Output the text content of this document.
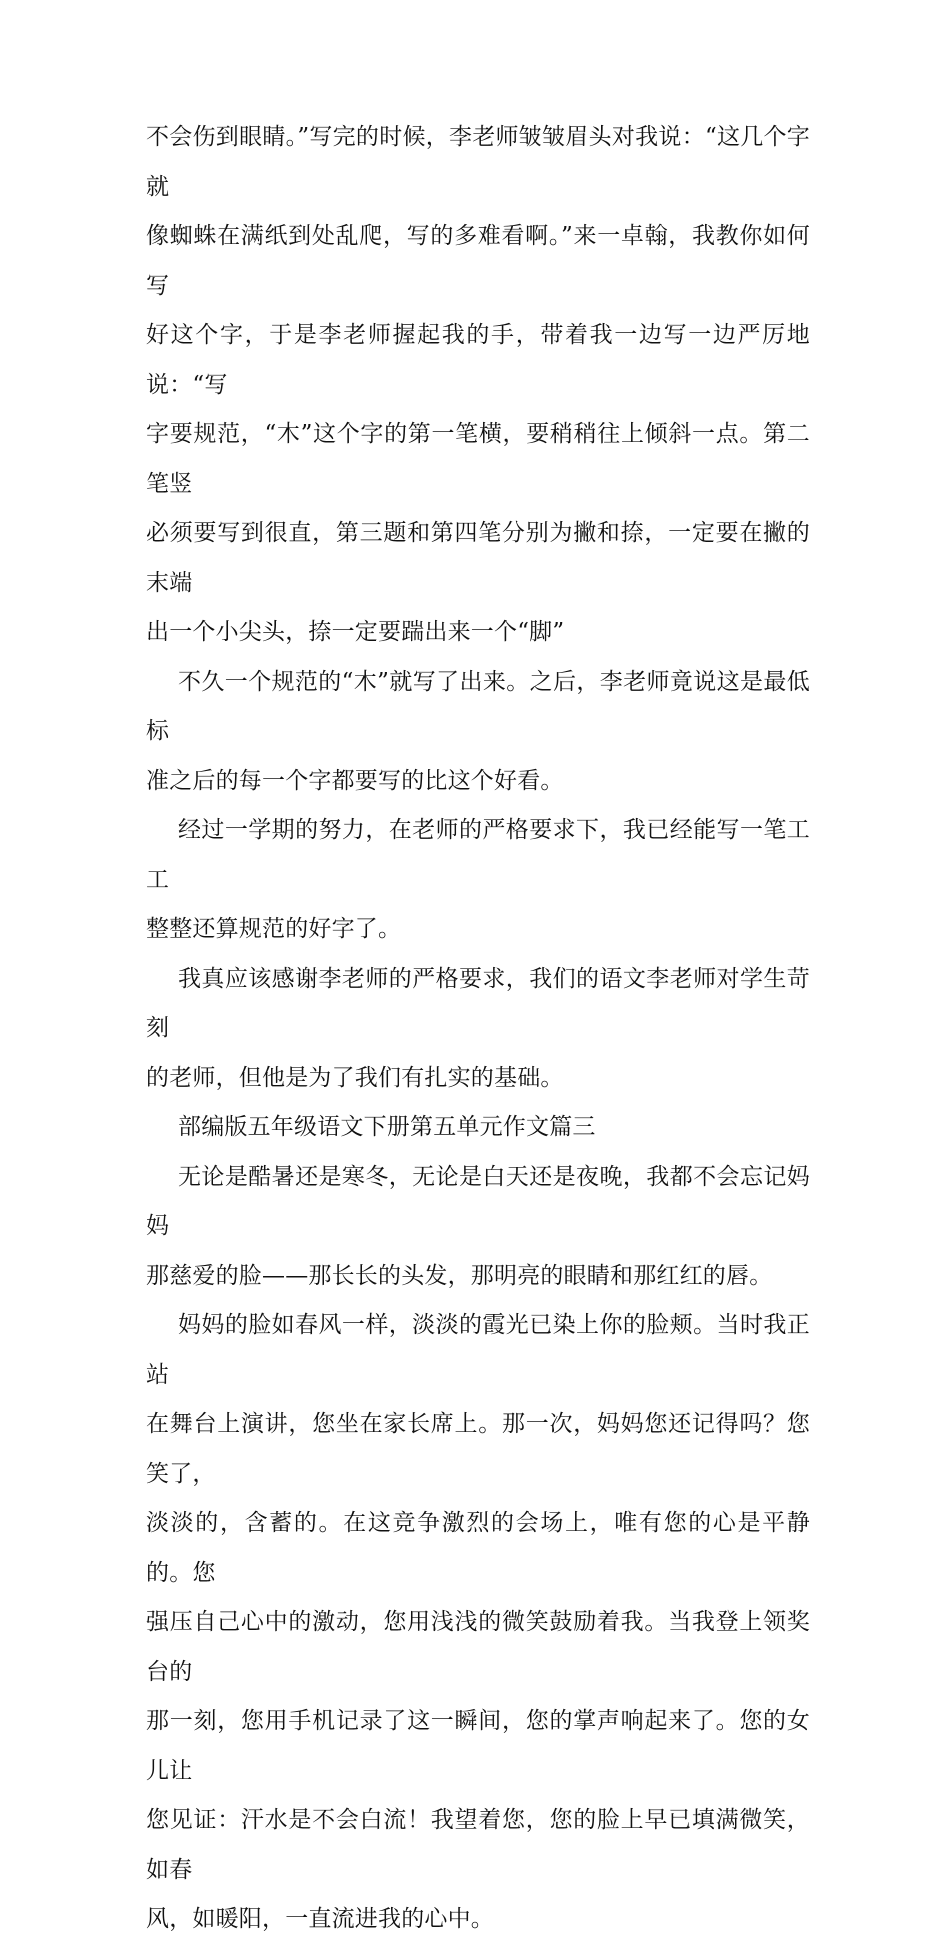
不会伤到眼睛。”写完的时候，李老师皱皱眉头对我说：“这几个字就
像蜘蛛在满纸到处乱爬，写的多难看啊。”来一卓翰，我教你如何写
好这个字，于是李老师握起我的手，带着我一边写一边严厉地说：“写
字要规范，“木”这个字的第一笔横，要稍稍往上倾斜一点。第二笔竖
必须要写到很直，第三题和第四笔分别为撇和捺，一定要在撇的末端
出一个小尖头，捺一定要踹出来一个“脚”
不久一个规范的“木”就写了出来。之后，李老师竟说这是最低标
准之后的每一个字都要写的比这个好看。
经过一学期的努力，在老师的严格要求下，我已经能写一笔工工
整整还算规范的好字了。
我真应该感谢李老师的严格要求，我们的语文李老师对学生苛刻
的老师，但他是为了我们有扎实的基础。
部编版五年级语文下册第五单元作文篇三
无论是酷暑还是寒冬，无论是白天还是夜晚，我都不会忘记妈妈
那慈爱的脸——那长长的头发，那明亮的眼睛和那红红的唇。
妈妈的脸如春风一样，淡淡的霞光已染上你的脸颊。当时我正站
在舞台上演讲，您坐在家长席上。那一次，妈妈您还记得吗？您笑了，
淡淡的，含蓄的。在这竞争激烈的会场上，唯有您的心是平静的。您
强压自己心中的激动，您用浅浅的微笑鼓励着我。当我登上领奖台的
那一刻，您用手机记录了这一瞬间，您的掌声响起来了。您的女儿让
您见证：汗水是不会白流！我望着您，您的脸上早已填满微笑，如春
风，如暖阳，一直流进我的心中。
